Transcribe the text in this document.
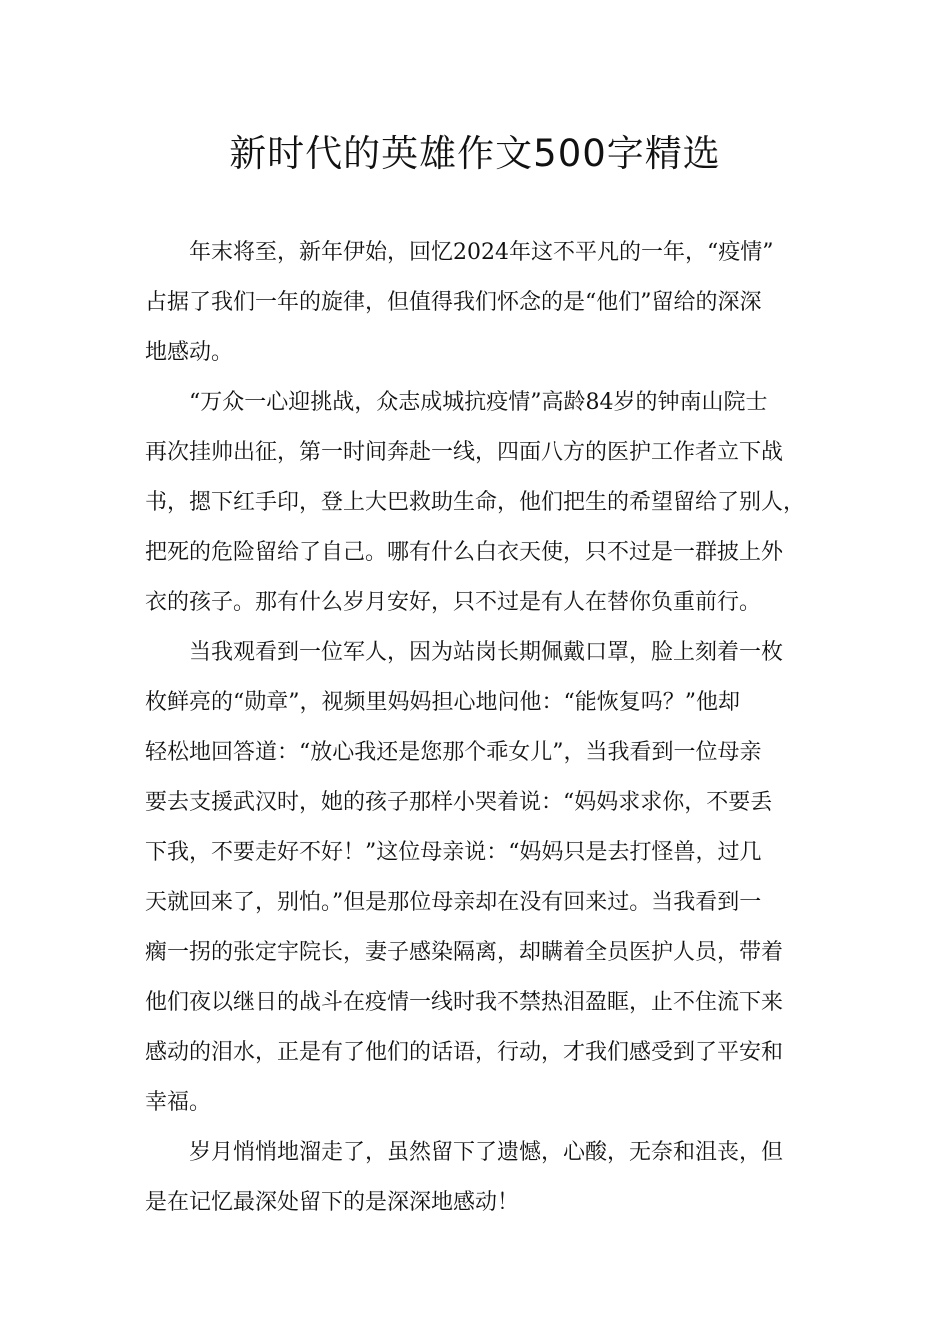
新时代的英雄作文500字精选

年末将至，新年伊始，回忆2024年这不平凡的一年，“疫情”
占据了我们一年的旋律，但值得我们怀念的是“他们”留给的深深
地感动。

“万众一心迎挑战，众志成城抗疫情”高龄84岁的钟南山院士
再次挂帅出征，第一时间奔赴一线，四面八方的医护工作者立下战
书，摁下红手印，登上大巴救助生命，他们把生的希望留给了别人，
把死的危险留给了自己。哪有什么白衣天使，只不过是一群披上外
衣的孩子。那有什么岁月安好，只不过是有人在替你负重前行。

当我观看到一位军人，因为站岗长期佩戴口罩，脸上刻着一枚
枚鲜亮的“勋章”，视频里妈妈担心地问他：“能恢复吗？”他却
轻松地回答道：“放心我还是您那个乖女儿”，当我看到一位母亲
要去支援武汉时，她的孩子那样小哭着说：“妈妈求求你，不要丢
下我，不要走好不好！”这位母亲说：“妈妈只是去打怪兽，过几
天就回来了，别怕。”但是那位母亲却在没有回来过。当我看到一
瘸一拐的张定宇院长，妻子感染隔离，却瞒着全员医护人员，带着
他们夜以继日的战斗在疫情一线时我不禁热泪盈眶，止不住流下来
感动的泪水，正是有了他们的话语，行动，才我们感受到了平安和
幸福。

岁月悄悄地溜走了，虽然留下了遗憾，心酸，无奈和沮丧，但
是在记忆最深处留下的是深深地感动！
